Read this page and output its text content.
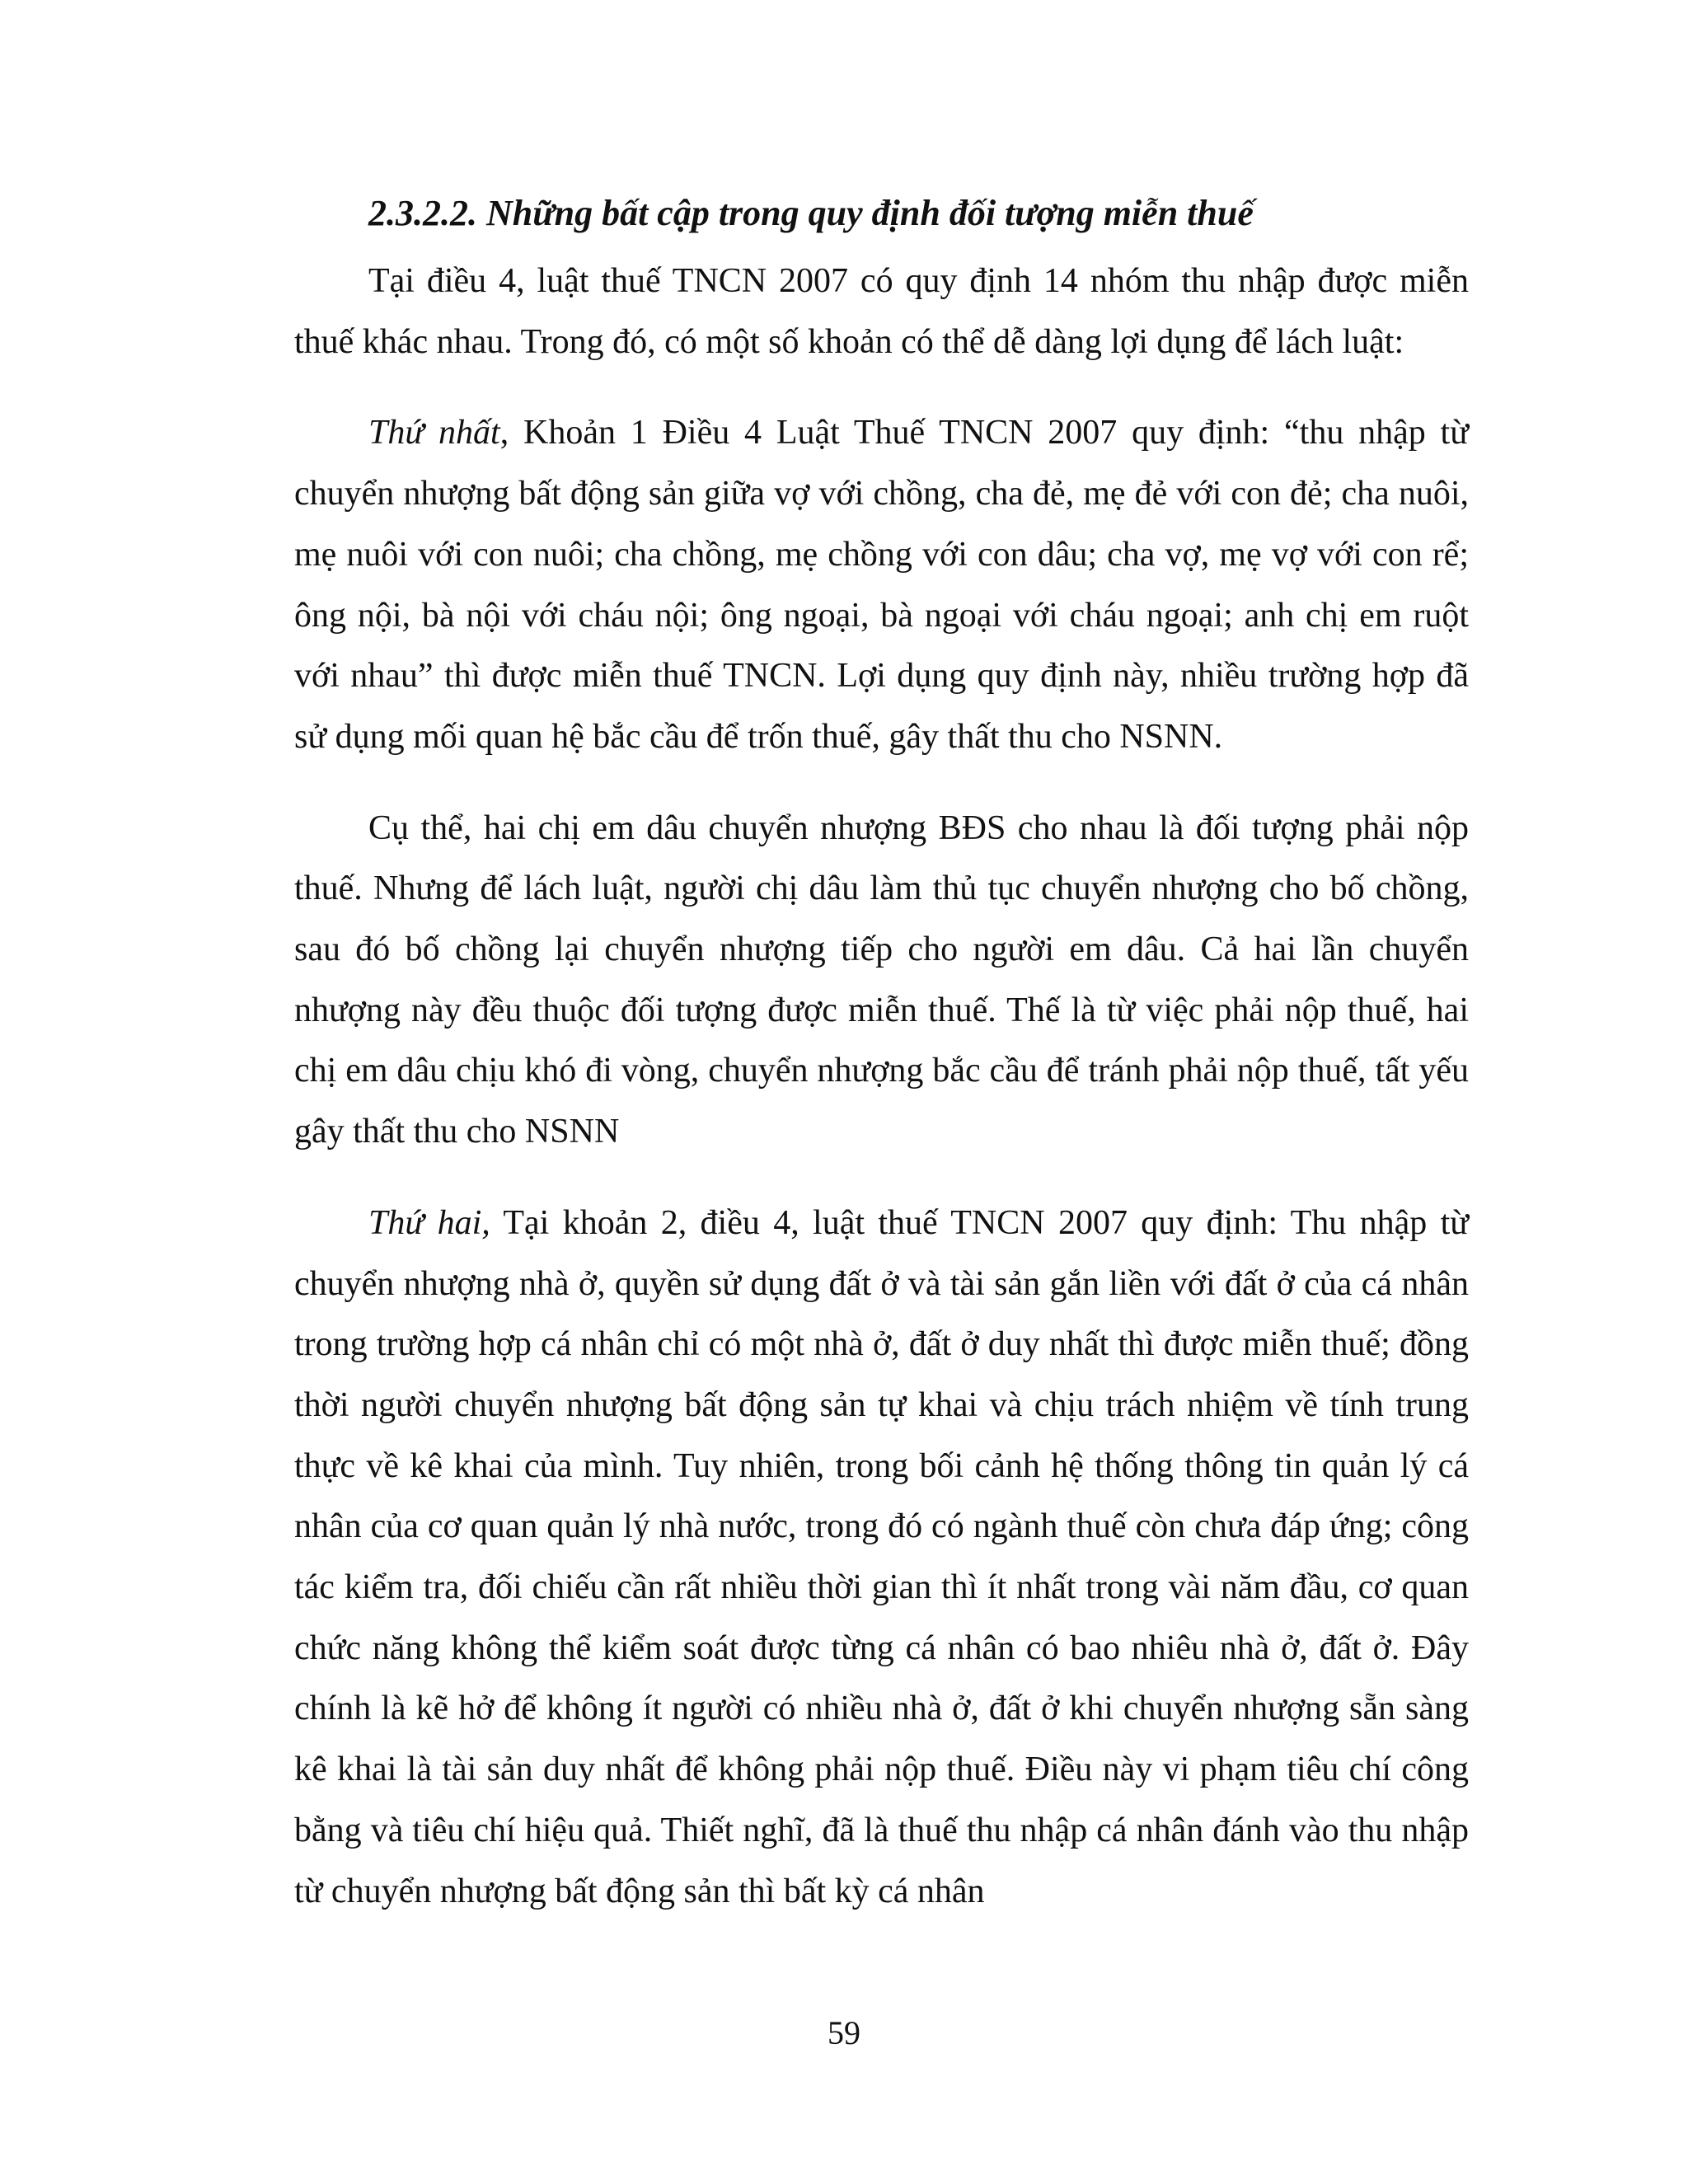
2.3.2.2. Những bất cập trong quy định đối tượng miễn thuế

Tại điều 4, luật thuế TNCN 2007 có quy định 14 nhóm thu nhập được miễn thuế khác nhau. Trong đó, có một số khoản có thể dễ dàng lợi dụng để lách luật:

Thứ nhất, Khoản 1 Điều 4 Luật Thuế TNCN 2007 quy định: “thu nhập từ chuyển nhượng bất động sản giữa vợ với chồng, cha đẻ, mẹ đẻ với con đẻ; cha nuôi, mẹ nuôi với con nuôi; cha chồng, mẹ chồng với con dâu; cha vợ, mẹ vợ với con rể; ông nội, bà nội với cháu nội; ông ngoại, bà ngoại với cháu ngoại; anh chị em ruột với nhau” thì được miễn thuế TNCN. Lợi dụng quy định này, nhiều trường hợp đã sử dụng mối quan hệ bắc cầu để trốn thuế, gây thất thu cho NSNN.

Cụ thể, hai chị em dâu chuyển nhượng BĐS cho nhau là đối tượng phải nộp thuế. Nhưng để lách luật, người chị dâu làm thủ tục chuyển nhượng cho bố chồng, sau đó bố chồng lại chuyển nhượng tiếp cho người em dâu. Cả hai lần chuyển nhượng này đều thuộc đối tượng được miễn thuế. Thế là từ việc phải nộp thuế, hai chị em dâu chịu khó đi vòng, chuyển nhượng bắc cầu để tránh phải nộp thuế, tất yếu gây thất thu cho NSNN

Thứ hai, Tại khoản 2, điều 4, luật thuế TNCN 2007 quy định: Thu nhập từ chuyển nhượng nhà ở, quyền sử dụng đất ở và tài sản gắn liền với đất ở của cá nhân trong trường hợp cá nhân chỉ có một nhà ở, đất ở duy nhất thì được miễn thuế; đồng thời người chuyển nhượng bất động sản tự khai và chịu trách nhiệm về tính trung thực về kê khai của mình. Tuy nhiên, trong bối cảnh hệ thống thông tin quản lý cá nhân của cơ quan quản lý nhà nước, trong đó có ngành thuế còn chưa đáp ứng; công tác kiểm tra, đối chiếu cần rất nhiều thời gian thì ít nhất trong vài năm đầu, cơ quan chức năng không thể kiểm soát được từng cá nhân có bao nhiêu nhà ở, đất ở. Đây chính là kẽ hở để không ít người có nhiều nhà ở, đất ở khi chuyển nhượng sẵn sàng kê khai là tài sản duy nhất để không phải nộp thuế. Điều này vi phạm tiêu chí công bằng và tiêu chí hiệu quả. Thiết nghĩ, đã là thuế thu nhập cá nhân đánh vào thu nhập từ chuyển nhượng bất động sản thì bất kỳ cá nhân

59
